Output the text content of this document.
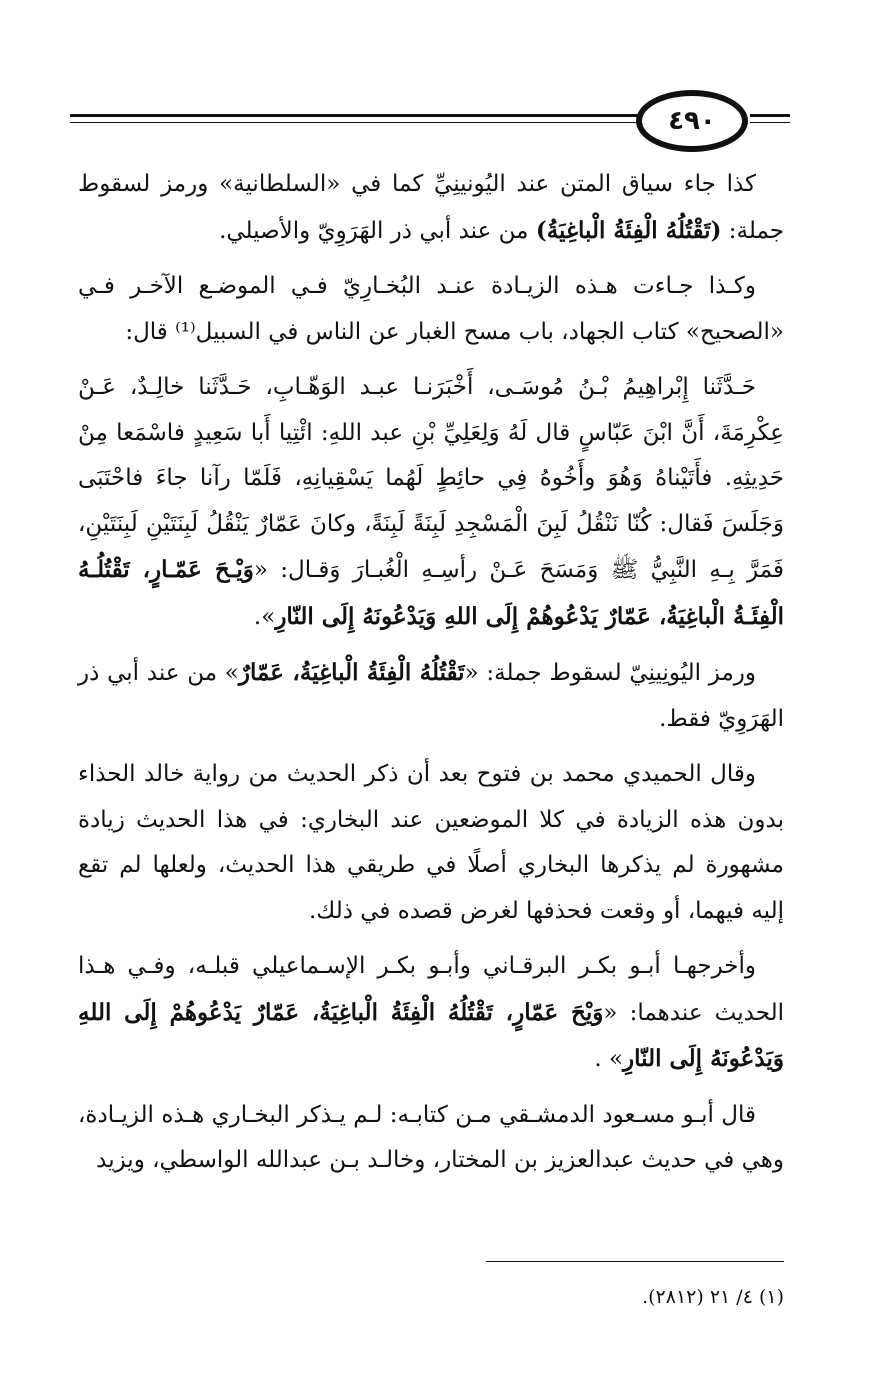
٤٩٠

كذا جاء سياق المتن عند اليُونينِيِّ كما في «السلطانية» ورمز لسقوط جملة: (تَقْتُلُهُ الْفِئَةُ الْباغِيَةُ) من عند أبي ذر الهَرَوِيّ والأصيلي.

وكـذا جـاءت هـذه الزيـادة عنـد البُخـارِيّ فـي الموضـع الآخـر فـي «الصحيح» كتاب الجهاد، باب مسح الغبار عن الناس في السبيل⁽¹⁾ قال:

حَـدَّثَنا إِبْراهِيمُ بْـنُ مُوسَـى، أَخْبَرَنـا عبـد الوَهّـابِ، حَـدَّثَنا خالِـدٌ، عَـنْ عِكْرِمَةَ، أَنَّ ابْنَ عَبّاسٍ قال لَهُ وَلِعَلِيِّ بْنِ عبد اللهِ: ائْتِيا أَبا سَعِيدٍ فاسْمَعا مِنْ حَدِيثِهِ. فأَتَيْناهُ وَهُوَ وأَخُوهُ فِي حائِطٍ لَهُما يَسْقِيانِهِ، فَلَمّا رآنا جاءَ فاحْتَبَى وَجَلَسَ فَقال: كُنّا نَنْقُلُ لَبِنَ الْمَسْجِدِ لَبِنَةً لَبِنَةً، وكانَ عَمّارٌ يَنْقُلُ لَبِنَتَيْنِ لَبِنَتَيْنِ، فَمَرَّ بِـهِ النَّبِيُّ ﷺ وَمَسَحَ عَـنْ رأسِـهِ الْغُبـارَ وَقـال: «وَيْـحَ عَمّـارٍ، تَقْتُلُـهُ الْفِئَـةُ الْباغِيَةُ، عَمّارٌ يَدْعُوهُمْ إِلَى اللهِ وَيَدْعُونَهُ إِلَى النّارِ».

ورمز اليُونِينِيّ لسقوط جملة: «تَقْتُلُهُ الْفِئَةُ الْباغِيَةُ، عَمّارٌ» من عند أبي ذر الهَرَوِيّ فقط.

وقال الحميدي محمد بن فتوح بعد أن ذكر الحديث من رواية خالد الحذاء بدون هذه الزيادة في كلا الموضعين عند البخاري: في هذا الحديث زيادة مشهورة لم يذكرها البخاري أصلًا في طريقي هذا الحديث، ولعلها لم تقع إليه فيهما، أو وقعت فحذفها لغرض قصده في ذلك.

وأخرجهـا أبـو بكـر البرقـاني وأبـو بكـر الإسـماعيلي قبلـه، وفـي هـذا الحديث عندهما: «وَيْحَ عَمّارٍ، تَقْتُلُهُ الْفِئَةُ الْباغِيَةُ، عَمّارٌ يَدْعُوهُمْ إِلَى اللهِ وَيَدْعُونَهُ إِلَى النّارِ» .

قال أبـو مسـعود الدمشـقي مـن كتابـه: لـم يـذكر البخـاري هـذه الزيـادة، وهي في حديث عبدالعزيز بن المختار، وخالـد بـن عبدالله الواسطي، ويزيد

(١) ٤/ ٢١ (٢٨١٢).
